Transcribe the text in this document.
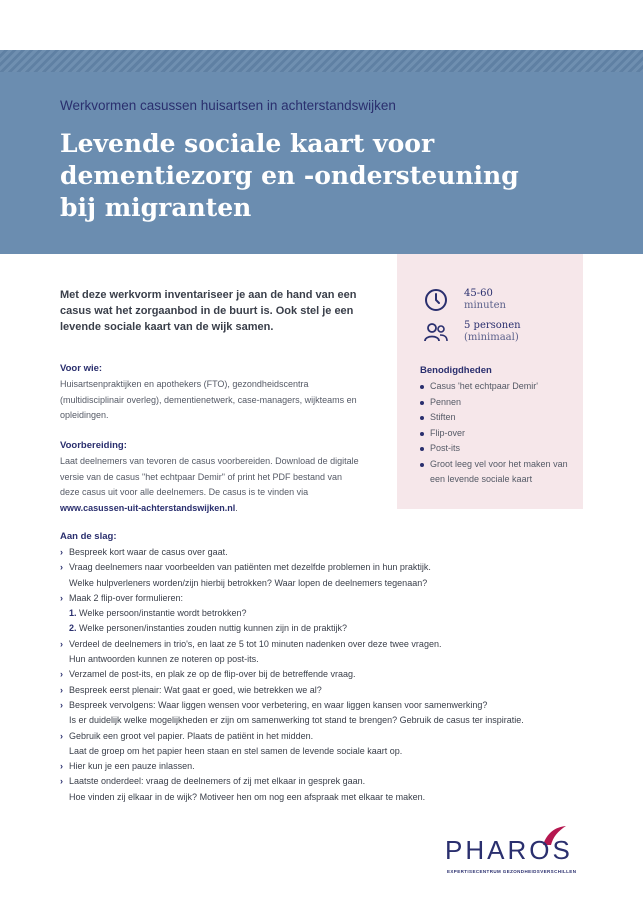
Werkvormen casussen huisartsen in achterstandswijken
Levende sociale kaart voor
dementiezorg en -ondersteuning
bij migranten
Met deze werkvorm inventariseer je aan de hand van een casus wat het zorgaanbod in de buurt is. Ook stel je een levende sociale kaart van de wijk samen.
Voor wie:
Huisartsenpraktijken en apothekers (FTO), gezondheidscentra (multidisciplinair overleg), dementienetwerk, case-managers, wijkteams en opleidingen.
Voorbereiding:
Laat deelnemers van tevoren de casus voorbereiden. Download de digitale versie van de casus "het echtpaar Demir" of print het PDF bestand van deze casus uit voor alle deelnemers. De casus is te vinden via www.casussen-uit-achterstandswijken.nl.
45-60
minuten
5 personen
(minimaal)
Benodigdheden
Casus 'het echtpaar Demir'
Pennen
Stiften
Flip-over
Post-its
Groot leeg vel voor het maken van een levende sociale kaart
Aan de slag:
› Bespreek kort waar de casus over gaat.
› Vraag deelnemers naar voorbeelden van patiënten met dezelfde problemen in hun praktijk.
Welke hulpverleners worden/zijn hierbij betrokken? Waar lopen de deelnemers tegenaan?
› Maak 2 flip-over formulieren:
1. Welke persoon/instantie wordt betrokken?
2. Welke personen/instanties zouden nuttig kunnen zijn in de praktijk?
› Verdeel de deelnemers in trio's, en laat ze 5 tot 10 minuten nadenken over deze twee vragen.
Hun antwoorden kunnen ze noteren op post-its.
› Verzamel de post-its, en plak ze op de flip-over bij de betreffende vraag.
› Bespreek eerst plenair: Wat gaat er goed, wie betrekken we al?
› Bespreek vervolgens: Waar liggen wensen voor verbetering, en waar liggen kansen voor samenwerking?
Is er duidelijk welke mogelijkheden er zijn om samenwerking tot stand te brengen? Gebruik de casus ter inspiratie.
› Gebruik een groot vel papier. Plaats de patiënt in het midden.
Laat de groep om het papier heen staan en stel samen de levende sociale kaart op.
› Hier kun je een pauze inlassen.
› Laatste onderdeel: vraag de deelnemers of zij met elkaar in gesprek gaan.
Hoe vinden zij elkaar in de wijk? Motiveer hen om nog een afspraak met elkaar te maken.
PHAROS
EXPERTISECENTRUM GEZONDHEIDSVERSCHILLEN
